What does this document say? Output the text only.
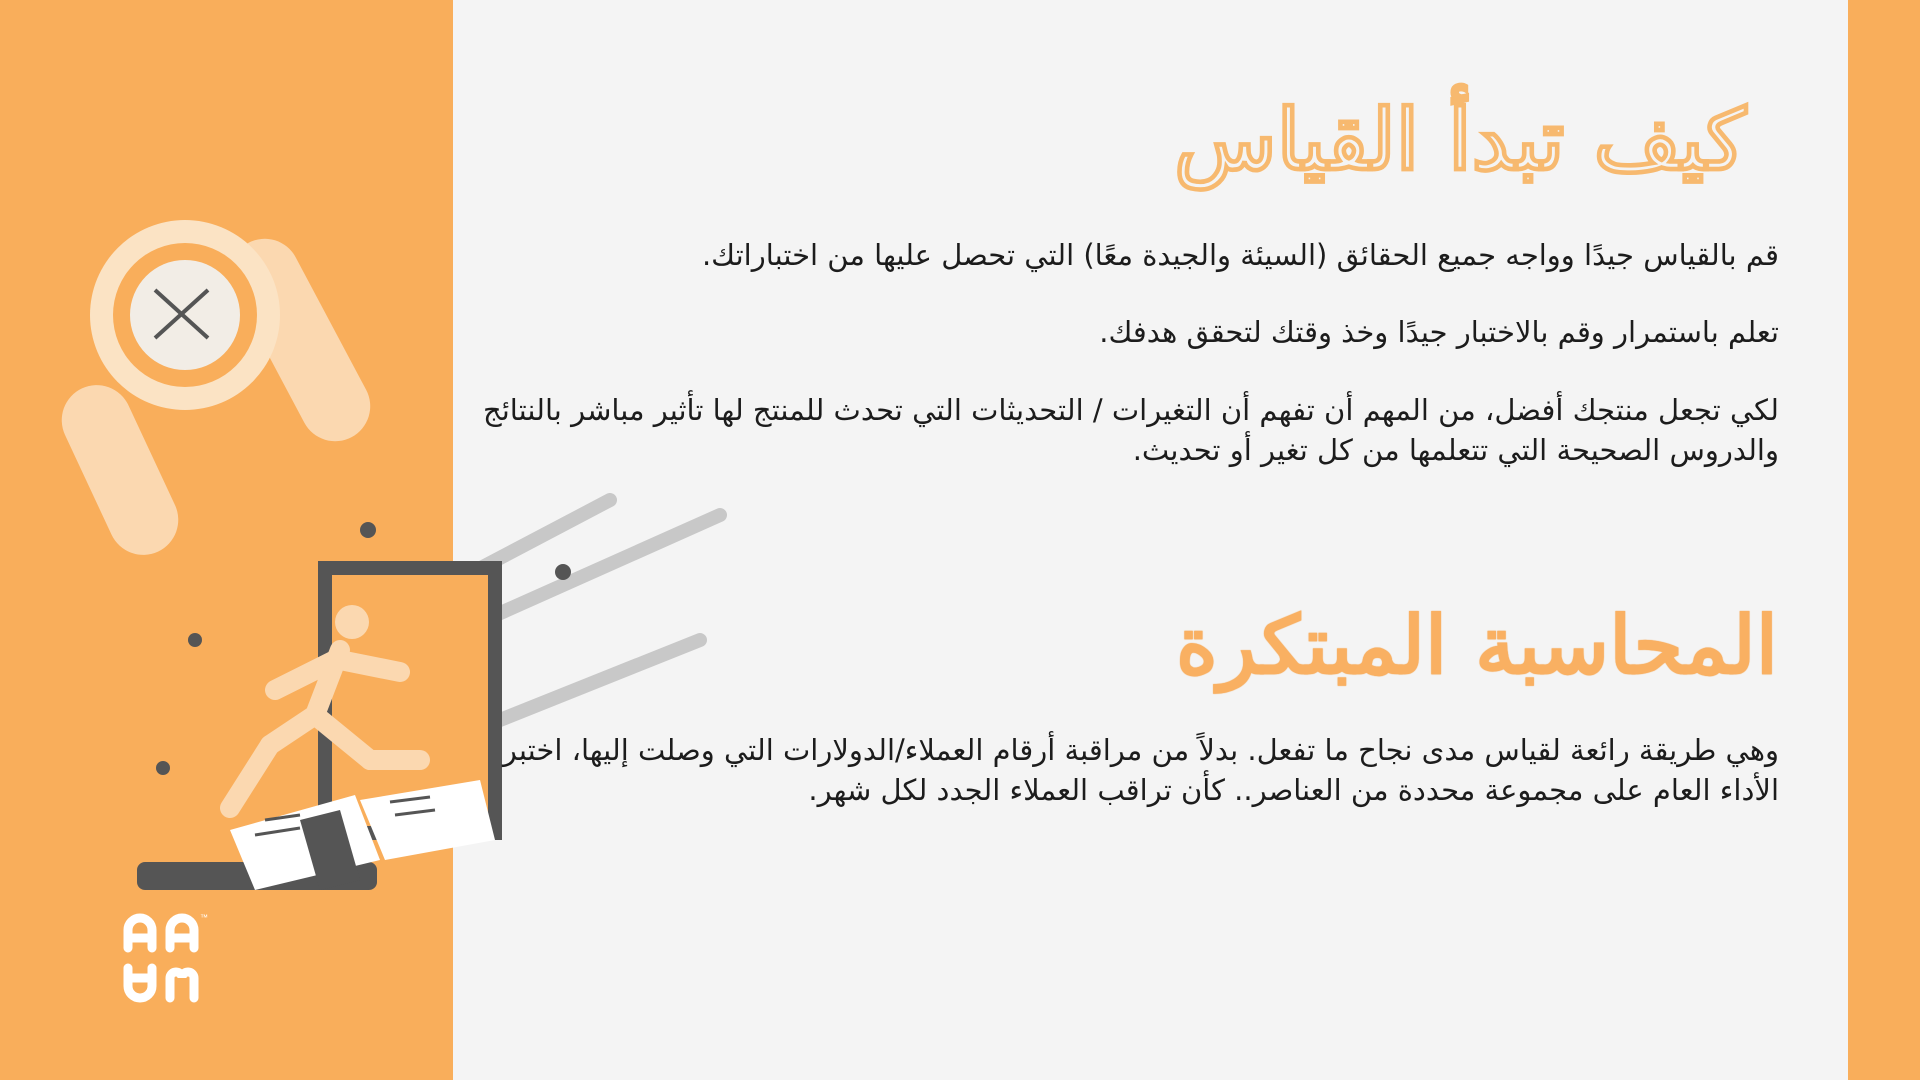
™
كيف تبدأ القياس
المحاسبة المبتكرة

قم بالقياس جيدًا وواجه جميع الحقائق (السيئة والجيدة معًا) التي تحصل عليها من اختباراتك.

تعلم باستمرار وقم بالاختبار جيدًا وخذ وقتك لتحقق هدفك.

لكي تجعل منتجك أفضل، من المهم أن تفهم أن التغيرات / التحديثات التي تحدث للمنتج لها تأثير مباشر بالنتائج والدروس الصحيحة التي تتعلمها من كل تغير أو تحديث.

وهي طريقة رائعة لقياس مدى نجاح ما تفعل. بدلاً من مراقبة أرقام العملاء/الدولارات التي وصلت إليها، اختبر الأداء العام على مجموعة محددة من العناصر.. كأن تراقب العملاء الجدد لكل شهر.
